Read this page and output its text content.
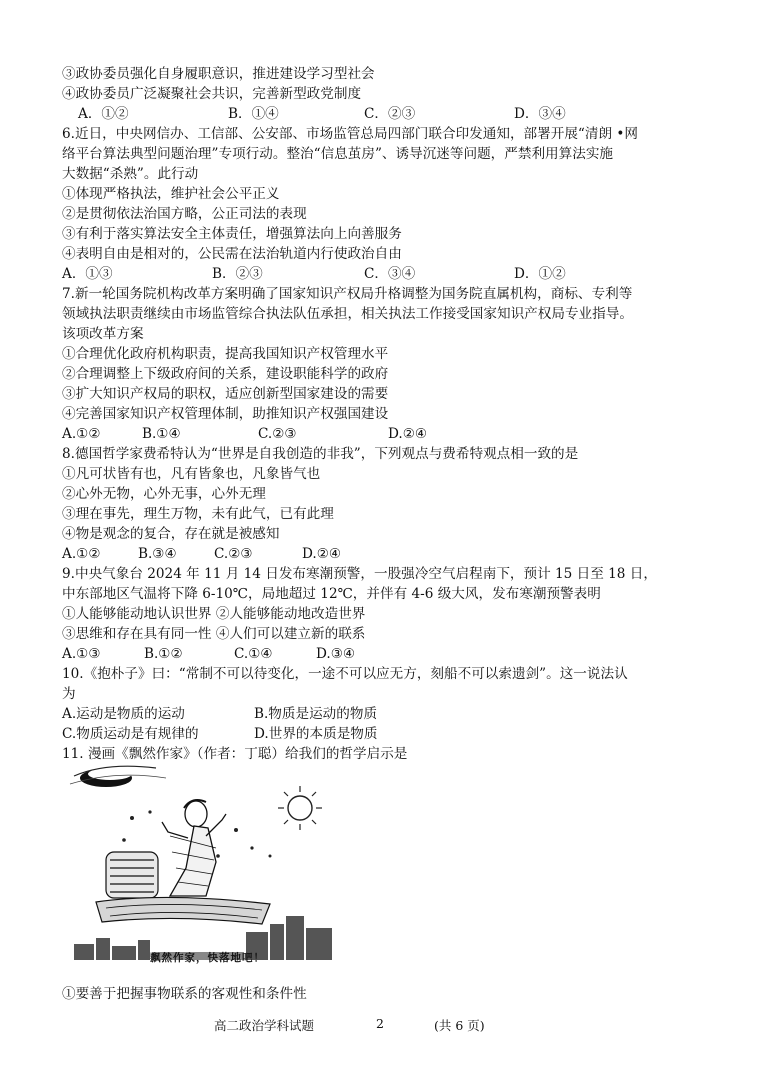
③政协委员强化自身履职意识，推进建设学习型社会
④政协委员广泛凝聚社会共识，完善新型政党制度
A．①②	B．①④	C．②③	D．③④
6.近日，中央网信办、工信部、公安部、市场监管总局四部门联合印发通知，部署开展“清朗 •网
络平台算法典型问题治理”专项行动。整治“信息茧房”、诱导沉迷等问题，严禁利用算法实施
大数据“杀熟”。此行动
①体现严格执法，维护社会公平正义
②是贯彻依法治国方略，公正司法的表现
③有利于落实算法安全主体责任，增强算法向上向善服务
④表明自由是相对的，公民需在法治轨道内行使政治自由
A．①③	B．②③	C．③④	D．①②
7.新一轮国务院机构改革方案明确了国家知识产权局升格调整为国务院直属机构，商标、专利等
领域执法职责继续由市场监管综合执法队伍承担，相关执法工作接受国家知识产权局专业指导。
该项改革方案
①合理优化政府机构职责，提高我国知识产权管理水平
②合理调整上下级政府间的关系，建设职能科学的政府
③扩大知识产权局的职权，适应创新型国家建设的需要
④完善国家知识产权管理体制，助推知识产权强国建设
A.①②	B.①④	C.②③	D.②④
8.德国哲学家费希特认为“世界是自我创造的非我”，下列观点与费希特观点相一致的是
①凡可状皆有也，凡有皆象也，凡象皆气也
②心外无物，心外无事，心外无理
③理在事先，理生万物，未有此气，已有此理
④物是观念的复合，存在就是被感知
A.①②	B.③④	C.②③	D.②④
9.中央气象台 2024 年 11 月 14 日发布寒潮预警，一股强冷空气启程南下，预计 15 日至 18 日，
中东部地区气温将下降 6-10℃，局地超过 12℃，并伴有 4-6 级大风，发布寒潮预警表明
①人能够能动地认识世界 ②人能够能动地改造世界
③思维和存在具有同一性 ④人们可以建立新的联系
A.①③	B.①②	C.①④	D.③④
10.《抱朴子》曰：“常制不可以待变化，一途不可以应无方，刻船不可以索遗剑”。这一说法认
为
A.运动是物质的运动	B.物质是运动的物质
C.物质运动是有规律的	D.世界的本质是物质
11. 漫画《飘然作家》（作者：丁聪）给我们的哲学启示是
飘然作家，快落地吧！
①要善于把握事物联系的客观性和条件性
高二政治学科试题	2	(共 6 页)
